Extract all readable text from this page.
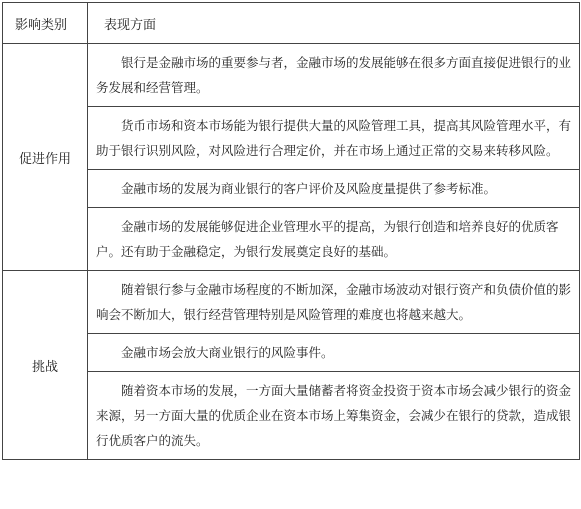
影响类别	表现方面
促进作用	银行是金融市场的重要参与者，金融市场的发展能够在很多方面直接促进银行的业务发展和经营管理。

	货币市场和资本市场能为银行提供大量的风险管理工具，提高其风险管理水平，有助于银行识别风险，对风险进行合理定价，并在市场上通过正常的交易来转移风险。

	金融市场的发展为商业银行的客户评价及风险度量提供了参考标准。

	金融市场的发展能够促进企业管理水平的提高，为银行创造和培养良好的优质客户。还有助于金融稳定，为银行发展奠定良好的基础。

挑战	随着银行参与金融市场程度的不断加深，金融市场波动对银行资产和负债价值的影响会不断加大，银行经营管理特别是风险管理的难度也将越来越大。

	金融市场会放大商业银行的风险事件。

	随着资本市场的发展，一方面大量储蓄者将资金投资于资本市场会减少银行的资金来源，另一方面大量的优质企业在资本市场上筹集资金，会减少在银行的贷款，造成银行优质客户的流失。
